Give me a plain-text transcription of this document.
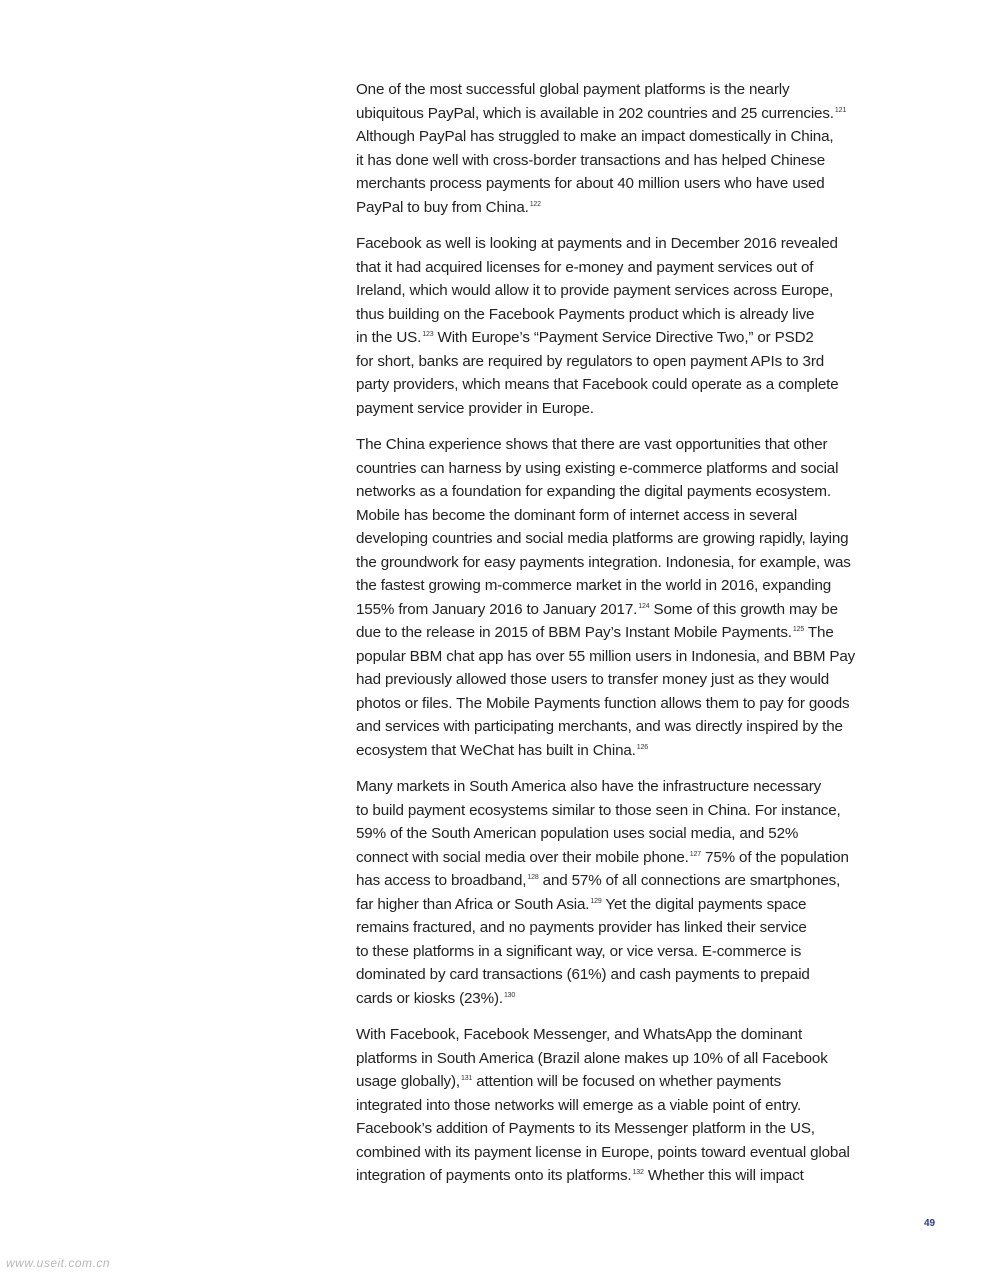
One of the most successful global payment platforms is the nearly
ubiquitous PayPal, which is available in 202 countries and 25 currencies.$^{121}$
Although PayPal has struggled to make an impact domestically in China,
it has done well with cross-border transactions and has helped Chinese
merchants process payments for about 40 million users who have used
PayPal to buy from China.$^{122}$

Facebook as well is looking at payments and in December 2016 revealed
that it had acquired licenses for e-money and payment services out of
Ireland, which would allow it to provide payment services across Europe,
thus building on the Facebook Payments product which is already live
in the US.$^{123}$ With Europe’s “Payment Service Directive Two,” or PSD2
for short, banks are required by regulators to open payment APIs to 3rd
party providers, which means that Facebook could operate as a complete
payment service provider in Europe.

The China experience shows that there are vast opportunities that other
countries can harness by using existing e-commerce platforms and social
networks as a foundation for expanding the digital payments ecosystem.
Mobile has become the dominant form of internet access in several
developing countries and social media platforms are growing rapidly, laying
the groundwork for easy payments integration. Indonesia, for example, was
the fastest growing m-commerce market in the world in 2016, expanding
155% from January 2016 to January 2017.$^{124}$ Some of this growth may be
due to the release in 2015 of BBM Pay’s Instant Mobile Payments.$^{125}$ The
popular BBM chat app has over 55 million users in Indonesia, and BBM Pay
had previously allowed those users to transfer money just as they would
photos or files. The Mobile Payments function allows them to pay for goods
and services with participating merchants, and was directly inspired by the
ecosystem that WeChat has built in China.$^{126}$

Many markets in South America also have the infrastructure necessary
to build payment ecosystems similar to those seen in China. For instance,
59% of the South American population uses social media, and 52%
connect with social media over their mobile phone.$^{127}$ 75% of the population
has access to broadband,$^{128}$ and 57% of all connections are smartphones,
far higher than Africa or South Asia.$^{129}$ Yet the digital payments space
remains fractured, and no payments provider has linked their service
to these platforms in a significant way, or vice versa. E-commerce is
dominated by card transactions (61%) and cash payments to prepaid
cards or kiosks (23%).$^{130}$

With Facebook, Facebook Messenger, and WhatsApp the dominant
platforms in South America (Brazil alone makes up 10% of all Facebook
usage globally),$^{131}$ attention will be focused on whether payments
integrated into those networks will emerge as a viable point of entry.
Facebook’s addition of Payments to its Messenger platform in the US,
combined with its payment license in Europe, points toward eventual global
integration of payments onto its platforms.$^{132}$ Whether this will impact

49
www.useit.com.cn
